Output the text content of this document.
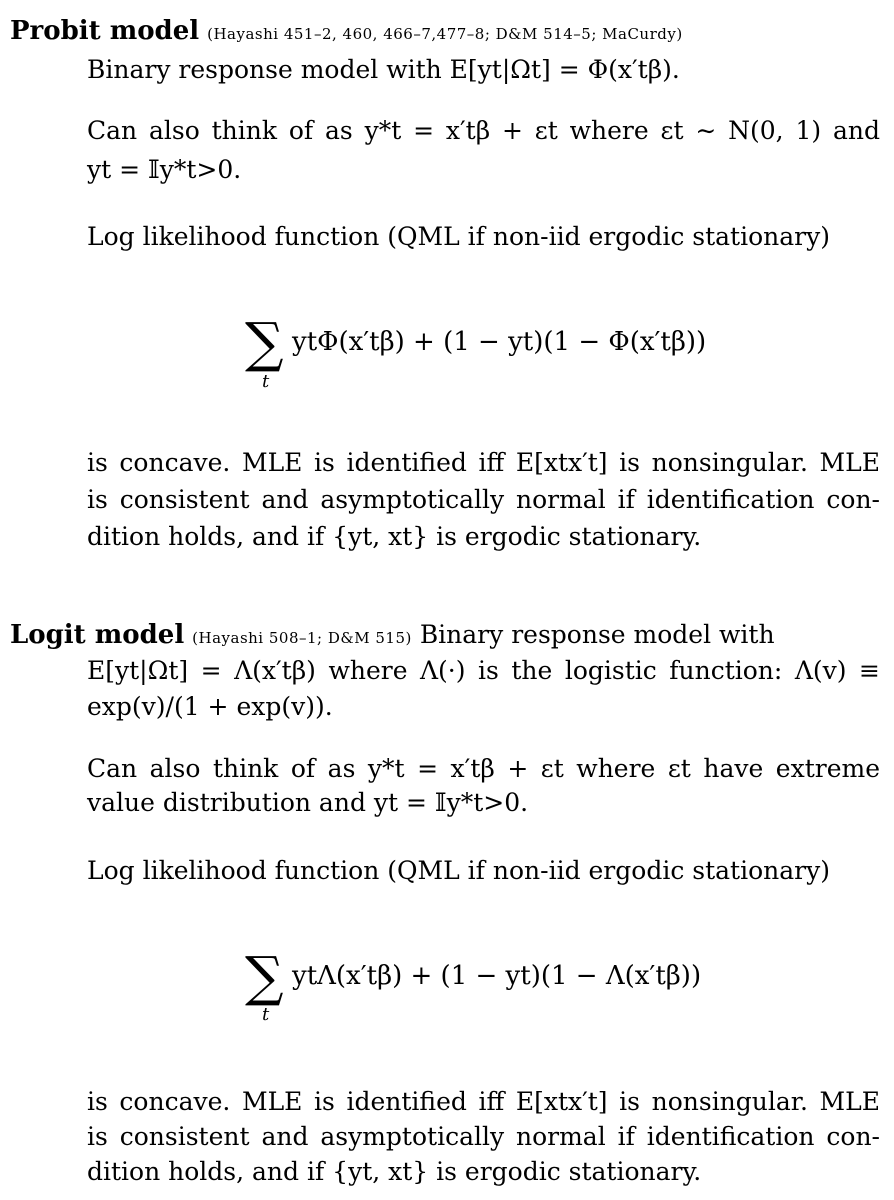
Probit model (Hayashi 451–2, 460, 466–7,477–8; D&M 514–5; MaCurdy)
Binary response model with E[yt|Ωt] = Φ(x′tβ).
Can also think of as y*t = x′tβ + εt where εt ∼ N(0, 1) and
yt = 𝕀y*t>0.
Log likelihood function (QML if non-iid ergodic stationary)
∑
t
ytΦ(x′tβ) + (1 − yt)(1 − Φ(x′tβ))
is concave. MLE is identified iff E[xtx′t] is nonsingular. MLE
is consistent and asymptotically normal if identification con-
dition holds, and if {yt, xt} is ergodic stationary.
Logit model (Hayashi 508–1; D&M 515) Binary response model with
E[yt|Ωt] = Λ(x′tβ) where Λ(·) is the logistic function: Λ(v) ≡
exp(v)/(1 + exp(v)).
Can also think of as y*t = x′tβ + εt where εt have extreme
value distribution and yt = 𝕀y*t>0.
Log likelihood function (QML if non-iid ergodic stationary)
∑
t
ytΛ(x′tβ) + (1 − yt)(1 − Λ(x′tβ))
is concave. MLE is identified iff E[xtx′t] is nonsingular. MLE
is consistent and asymptotically normal if identification con-
dition holds, and if {yt, xt} is ergodic stationary.
